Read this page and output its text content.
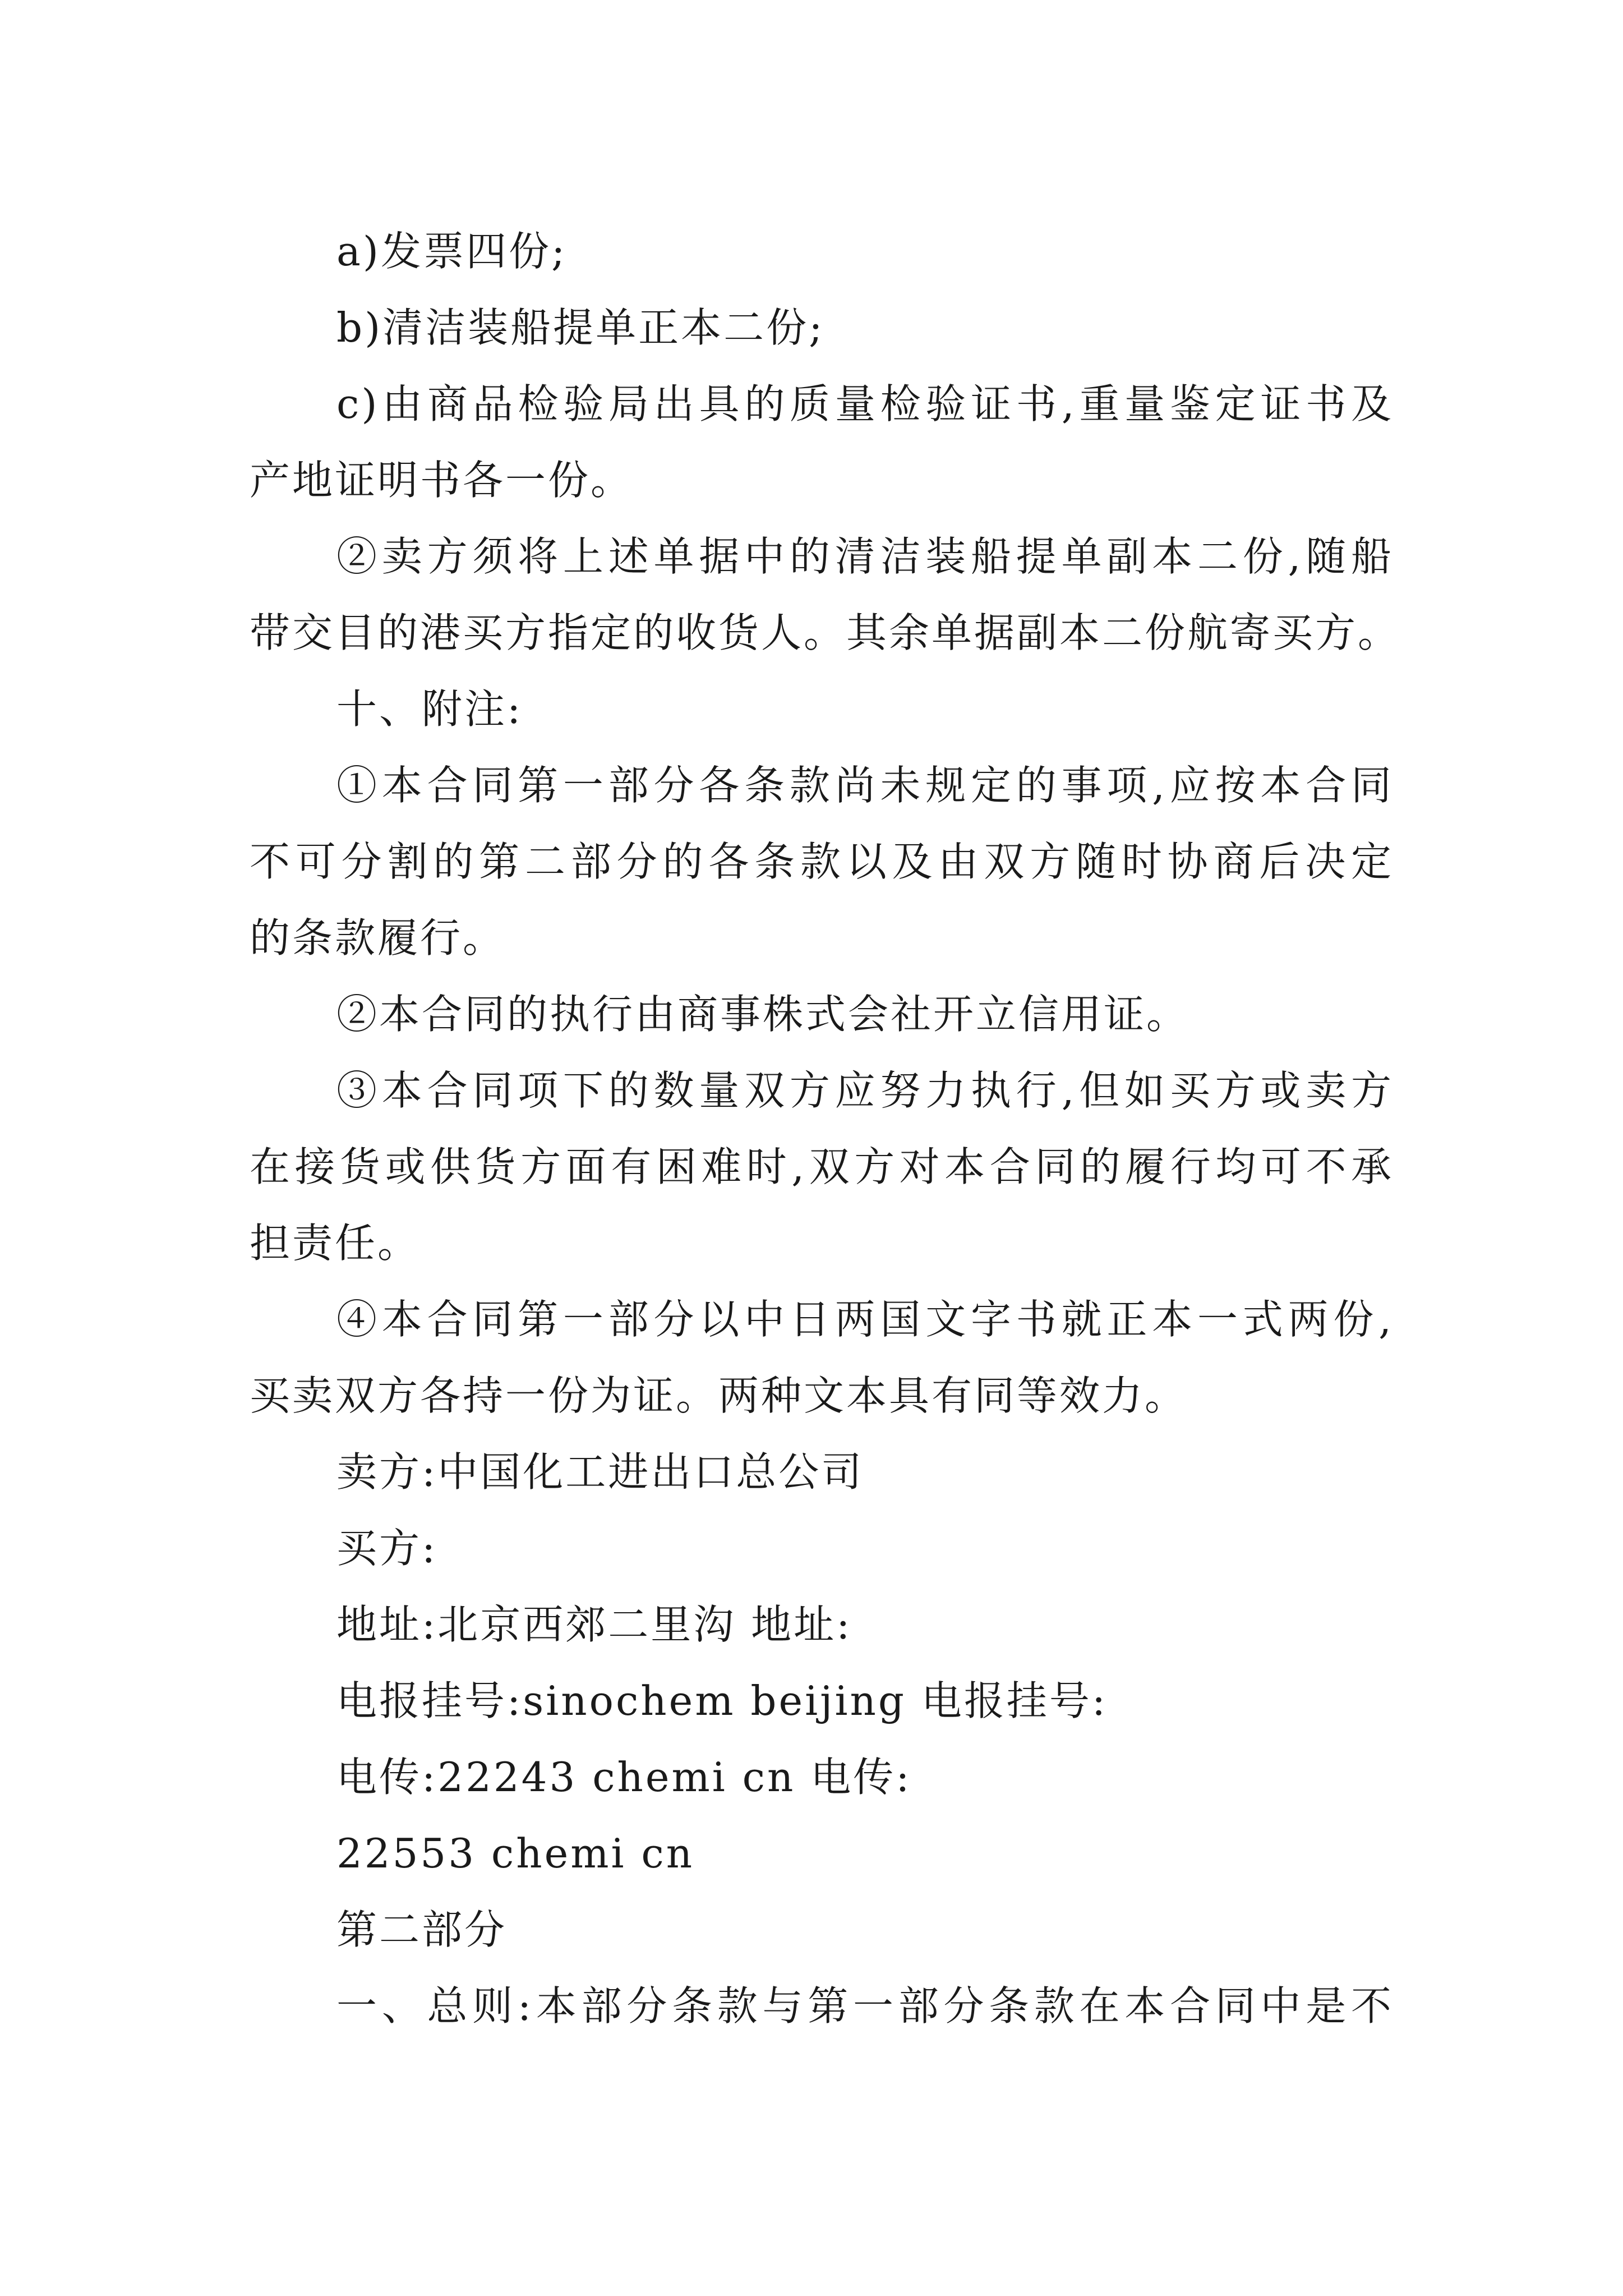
a)发票四份;
b)清洁装船提单正本二份;
c)由商品检验局出具的质量检验证书,重量鉴定证书及
产地证明书各一份。
②卖方须将上述单据中的清洁装船提单副本二份,随船
带交目的港买方指定的收货人。其余单据副本二份航寄买方。
十、附注:
①本合同第一部分各条款尚未规定的事项,应按本合同
不可分割的第二部分的各条款以及由双方随时协商后决定
的条款履行。
②本合同的执行由商事株式会社开立信用证。
③本合同项下的数量双方应努力执行,但如买方或卖方
在接货或供货方面有困难时,双方对本合同的履行均可不承
担责任。
④本合同第一部分以中日两国文字书就正本一式两份,
买卖双方各持一份为证。两种文本具有同等效力。
卖方:中国化工进出口总公司
买方:
地址:北京西郊二里沟 地址:
电报挂号:sinochem beijing 电报挂号:
电传:22243 chemi cn 电传:
22553 chemi cn
第二部分
一、总则:本部分条款与第一部分条款在本合同中是不
